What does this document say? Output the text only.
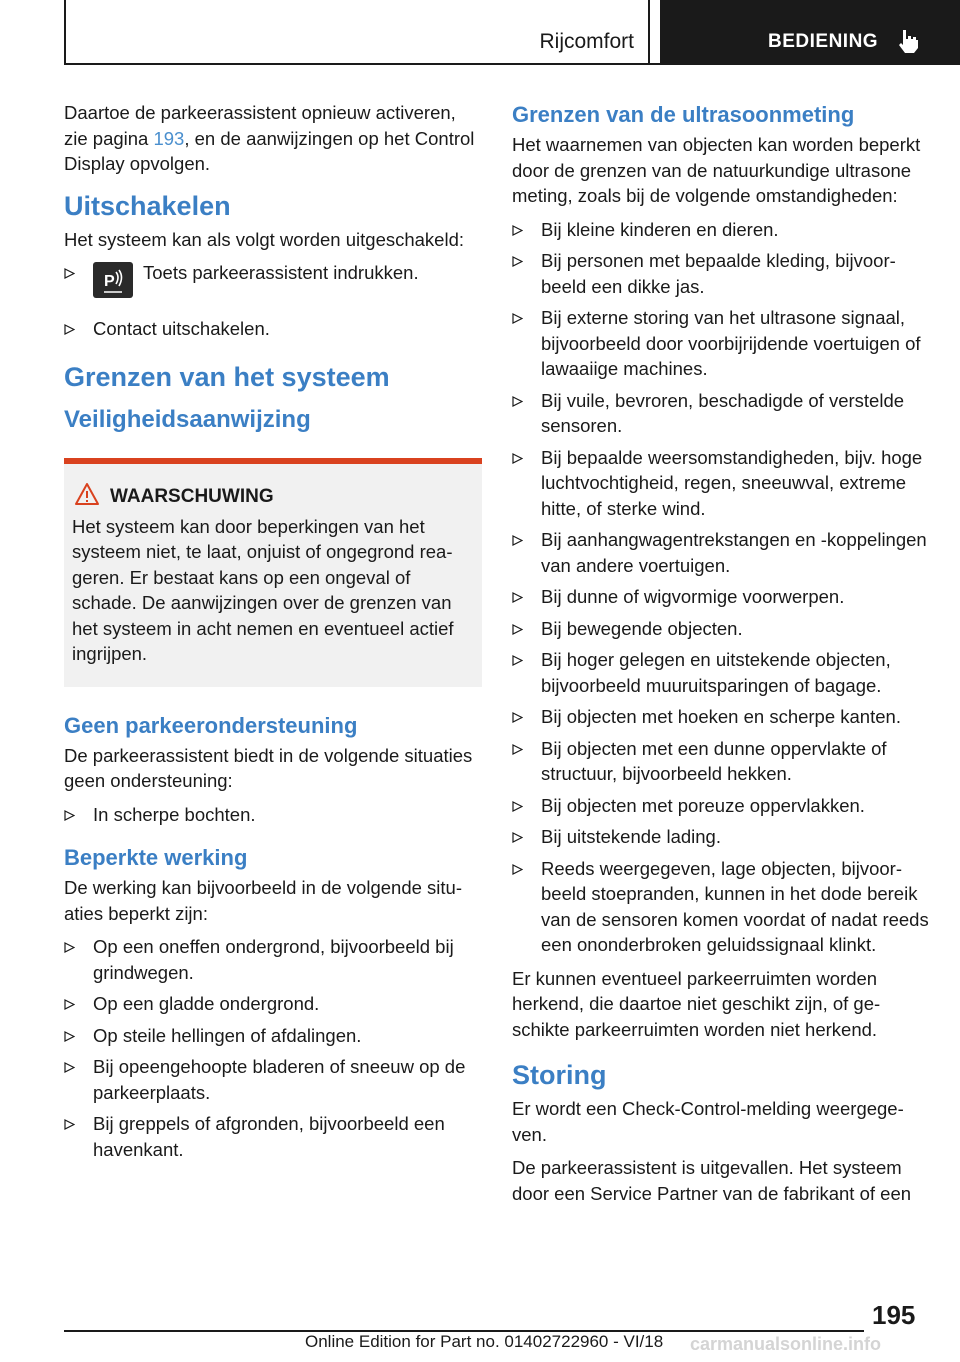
Rijcomfort	BEDIENING

Daartoe de parkeerassistent opnieuw activeren, zie pagina 193, en de aanwijzingen op het Control Display opvolgen.

Uitschakelen

Het systeem kan als volgt worden uitgeschakeld:

P Toets parkeerassistent indrukken.
Contact uitschakelen.
Grenzen van het systeem
Veiligheidsaanwijzing
WAARSCHUWING

Het systeem kan door beperkingen van het systeem niet, te laat, onjuist of ongegrond reageren. Er bestaat kans op een ongeval of schade. De aanwijzingen over de grenzen van het systeem in acht nemen en eventueel actief ingrijpen.

Geen parkeerondersteuning

De parkeerassistent biedt in de volgende situaties geen ondersteuning:

In scherpe bochten.
Beperkte werking

De werking kan bijvoorbeeld in de volgende situaties beperkt zijn:

Op een oneffen ondergrond, bijvoorbeeld bij grindwegen.
Op een gladde ondergrond.
Op steile hellingen of afdalingen.
Bij opeengehoopte bladeren of sneeuw op de parkeerplaats.
Bij greppels of afgronden, bijvoorbeeld een havenkant.
Grenzen van de ultrasoonmeting

Het waarnemen van objecten kan worden beperkt door de grenzen van de natuurkundige ultrasone meting, zoals bij de volgende omstandigheden:

Bij kleine kinderen en dieren.
Bij personen met bepaalde kleding, bijvoorbeeld een dikke jas.
Bij externe storing van het ultrasone signaal, bijvoorbeeld door voorbijrijdende voertuigen of lawaaiige machines.
Bij vuile, bevroren, beschadigde of verstelde sensoren.
Bij bepaalde weersomstandigheden, bijv. hoge luchtvochtigheid, regen, sneeuwval, extreme hitte, of sterke wind.
Bij aanhangwagentrekstangen en -koppelingen van andere voertuigen.
Bij dunne of wigvormige voorwerpen.
Bij bewegende objecten.
Bij hoger gelegen en uitstekende objecten, bijvoorbeeld muuruitsparingen of bagage.
Bij objecten met hoeken en scherpe kanten.
Bij objecten met een dunne oppervlakte of structuur, bijvoorbeeld hekken.
Bij objecten met poreuze oppervlakken.
Bij uitstekende lading.
Reeds weergegeven, lage objecten, bijvoorbeeld stoepranden, kunnen in het dode bereik van de sensoren komen voordat of nadat reeds een ononderbroken geluidssignaal klinkt.

Er kunnen eventueel parkeerruimten worden herkend, die daartoe niet geschikt zijn, of geschikte parkeerruimten worden niet herkend.

Storing

Er wordt een Check-Control-melding weergegeven.

De parkeerassistent is uitgevallen. Het systeem door een Service Partner van de fabrikant of een

195
Online Edition for Part no. 01402722960 - VI/18 carmanualsonline.info
